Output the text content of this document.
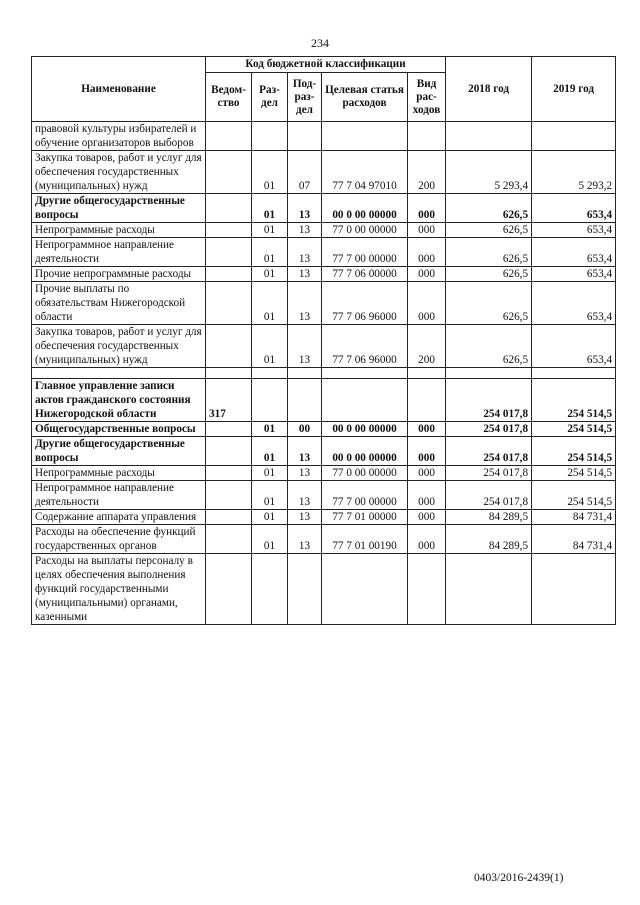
234
Наименование	Код бюджетной классификации					2018 год	2019 год
	Ведом-ство	Раз-дел	Под-раз-дел	Целевая статья расходов	Вид рас-ходов		
правовой культуры избирателей и обучение организаторов выборов							
Закупка товаров, работ и услуг для обеспечения государственных (муниципальных) нужд		01	07	77 7 04 97010	200	5 293,4	5 293,2
Другие общегосударственные вопросы		01	13	00 0 00 00000	000	626,5	653,4
Непрограммные расходы		01	13	77 0 00 00000	000	626,5	653,4
Непрограммное направление деятельности		01	13	77 7 00 00000	000	626,5	653,4
Прочие непрограммные расходы		01	13	77 7 06 00000	000	626,5	653,4
Прочие выплаты по обязательствам Нижегородской области		01	13	77 7 06 96000	000	626,5	653,4
Закупка товаров, работ и услуг для обеспечения государственных (муниципальных) нужд		01	13	77 7 06 96000	200	626,5	653,4

Главное управление записи актов гражданского состояния Нижегородской области	317					254 017,8	254 514,5
Общегосударственные вопросы		01	00	00 0 00 00000	000	254 017,8	254 514,5
Другие общегосударственные вопросы		01	13	00 0 00 00000	000	254 017,8	254 514,5
Непрограммные расходы		01	13	77 0 00 00000	000	254 017,8	254 514,5
Непрограммное направление деятельности		01	13	77 7 00 00000	000	254 017,8	254 514,5
Содержание аппарата управления		01	13	77 7 01 00000	000	84 289,5	84 731,4
Расходы на обеспечение функций государственных органов		01	13	77 7 01 00190	000	84 289,5	84 731,4
Расходы на выплаты персоналу в целях обеспечения выполнения функций государственными (муниципальными) органами, казенными							
0403/2016-2439(1)
